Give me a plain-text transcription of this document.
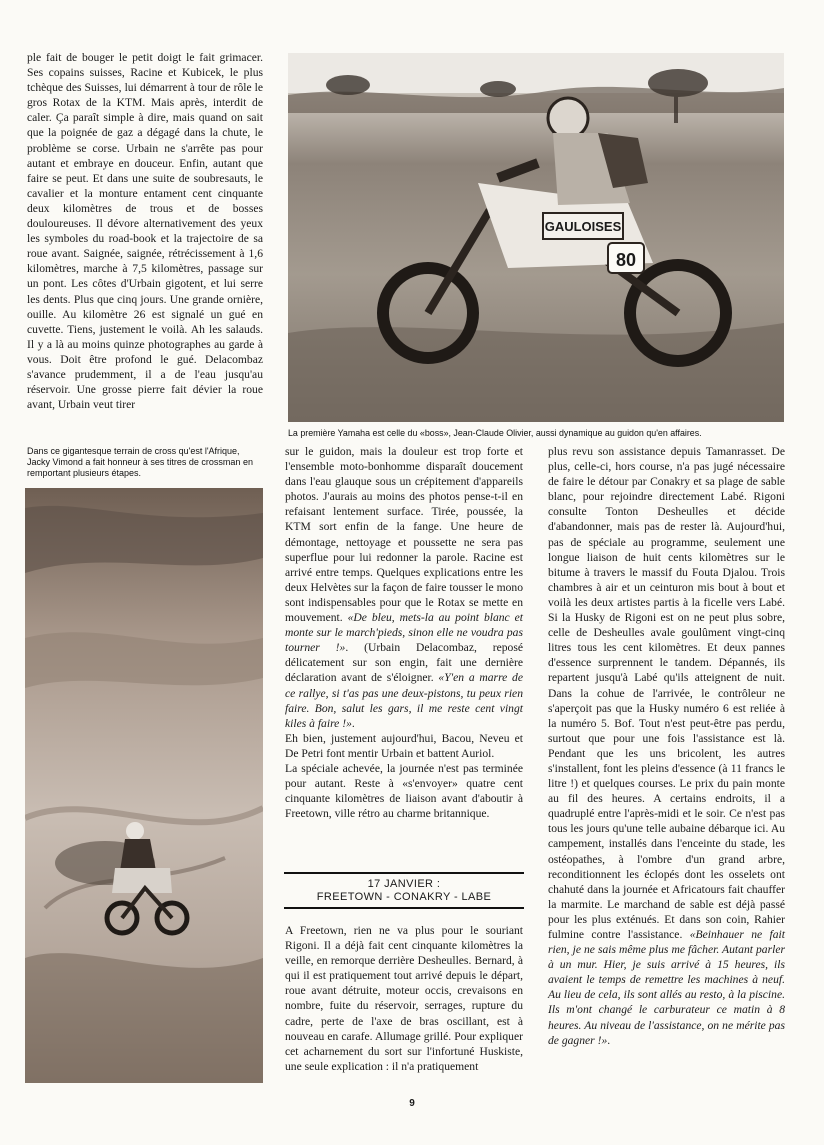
ple fait de bouger le petit doigt le fait grimacer. Ses copains suisses, Racine et Kubicek, le plus tchèque des Suisses, lui démarrent à tour de rôle le gros Rotax de la KTM. Mais après, interdit de caler. Ça paraît simple à dire, mais quand on sait que la poignée de gaz a dégagé dans la chute, le problème se corse. Urbain ne s'arrête pas pour autant et embraye en douceur. Enfin, autant que faire se peut. Et dans une suite de soubresauts, le cavalier et la monture entament cent cinquante deux kilomètres de trous et de bosses douloureuses. Il dévore alternativement des yeux les symboles du road-book et la trajectoire de sa roue avant. Saignée, saignée, rétrécissement à 1,6 kilomètres, marche à 7,5 kilomètres, passage sur un pont. Les côtes d'Urbain gigotent, et lui serre les dents. Plus que cinq jours. Une grande ornière, ouille. Au kilomètre 26 est signalé un gué en cuvette. Tiens, justement le voilà. Ah les salauds. Il y a là au moins quinze photographes au garde à vous. Doit être profond le gué. Delacombaz s'avance prudemment, il a de l'eau jusqu'au réservoir. Une grosse pierre fait dévier la roue avant, Urbain veut tirer

Dans ce gigantesque terrain de cross qu'est l'Afrique, Jacky Vimond a fait honneur à ses titres de crossman en remportant plusieurs étapes.
GAULOISES
80
La première Yamaha est celle du «boss», Jean-Claude Olivier, aussi dynamique au guidon qu'en affaires.

sur le guidon, mais la douleur est trop forte et l'ensemble moto-bonhomme disparaît doucement dans l'eau glauque sous un crépitement d'appareils photos. J'aurais au moins des photos pense-t-il en refaisant lentement surface. Tirée, poussée, la KTM sort enfin de la fange. Une heure de démontage, nettoyage et poussette ne sera pas superflue pour lui redonner la parole. Racine est arrivé entre temps. Quelques explications entre les deux Helvètes sur la façon de faire tousser le mono sont indispensables pour que le Rotax se mette en mouvement. «De bleu, mets-la au point blanc et monte sur le march'pieds, sinon elle ne voudra pas tourner !». (Urbain Delacombaz, reposé délicatement sur son engin, fait une dernière déclaration avant de s'éloigner. «Y'en a marre de ce rallye, si t'as pas une deux-pistons, tu peux rien faire. Bon, salut les gars, il me reste cent vingt kiles à faire !».

Eh bien, justement aujourd'hui, Bacou, Neveu et De Petri font mentir Urbain et battent Auriol.

La spéciale achevée, la journée n'est pas terminée pour autant. Reste à «s'envoyer» quatre cent cinquante kilomètres de liaison avant d'aboutir à Freetown, ville rétro au charme britannique.

17 JANVIER :
FREETOWN - CONAKRY - LABE

A Freetown, rien ne va plus pour le souriant Rigoni. Il a déjà fait cent cinquante kilomètres la veille, en remorque derrière Desheulles. Bernard, à qui il est pratiquement tout arrivé depuis le départ, roue avant détruite, moteur occis, crevaisons en nombre, fuite du réservoir, serrages, rupture du cadre, perte de l'axe de bras oscillant, est à nouveau en carafe. Allumage grillé. Pour expliquer cet acharnement du sort sur l'infortuné Huskiste, une seule explication : il n'a pratiquement

plus revu son assistance depuis Tamanrasset. De plus, celle-ci, hors course, n'a pas jugé nécessaire de faire le détour par Conakry et sa plage de sable blanc, pour rejoindre directement Labé. Rigoni consulte Tonton Desheulles et décide d'abandonner, mais pas de rester là. Aujourd'hui, pas de spéciale au programme, seulement une longue liaison de huit cents kilomètres sur le bitume à travers le massif du Fouta Djalou. Trois chambres à air et un ceinturon mis bout à bout et voilà les deux artistes partis à la ficelle vers Labé. Si la Husky de Rigoni est on ne peut plus sobre, celle de Desheulles avale goulûment vingt-cinq litres tous les cent kilomètres. Et deux pannes d'essence surprennent le tandem. Dépannés, ils repartent jusqu'à Labé qu'ils atteignent de nuit. Dans la cohue de l'arrivée, le contrôleur ne s'aperçoit pas que la Husky numéro 6 est reliée à la numéro 5. Bof. Tout n'est peut-être pas perdu, surtout que pour une fois l'assistance est là. Pendant que les uns bricolent, les autres s'installent, font les pleins d'essence (à 11 francs le litre !) et quelques courses. Le prix du pain monte au fil des heures. A certains endroits, il a quadruplé entre l'après-midi et le soir. Ce n'est pas tous les jours qu'une telle aubaine débarque ici. Au campement, installés dans l'enceinte du stade, les ostéopathes, à l'ombre d'un grand arbre, reconditionnent les éclopés dont les osselets ont chahuté dans la journée et Africatours fait chauffer la marmite. Le marchand de sable est déjà passé pour les plus exténués. Et dans son coin, Rahier fulmine contre l'assistance. «Beinhauer ne fait rien, je ne sais même plus me fâcher. Autant parler à un mur. Hier, je suis arrivé à 15 heures, ils avaient le temps de remettre les machines à neuf. Au lieu de cela, ils sont allés au resto, à la piscine. Ils m'ont changé le carburateur ce matin à 8 heures. Au niveau de l'assistance, on ne mérite pas de gagner !».

9
